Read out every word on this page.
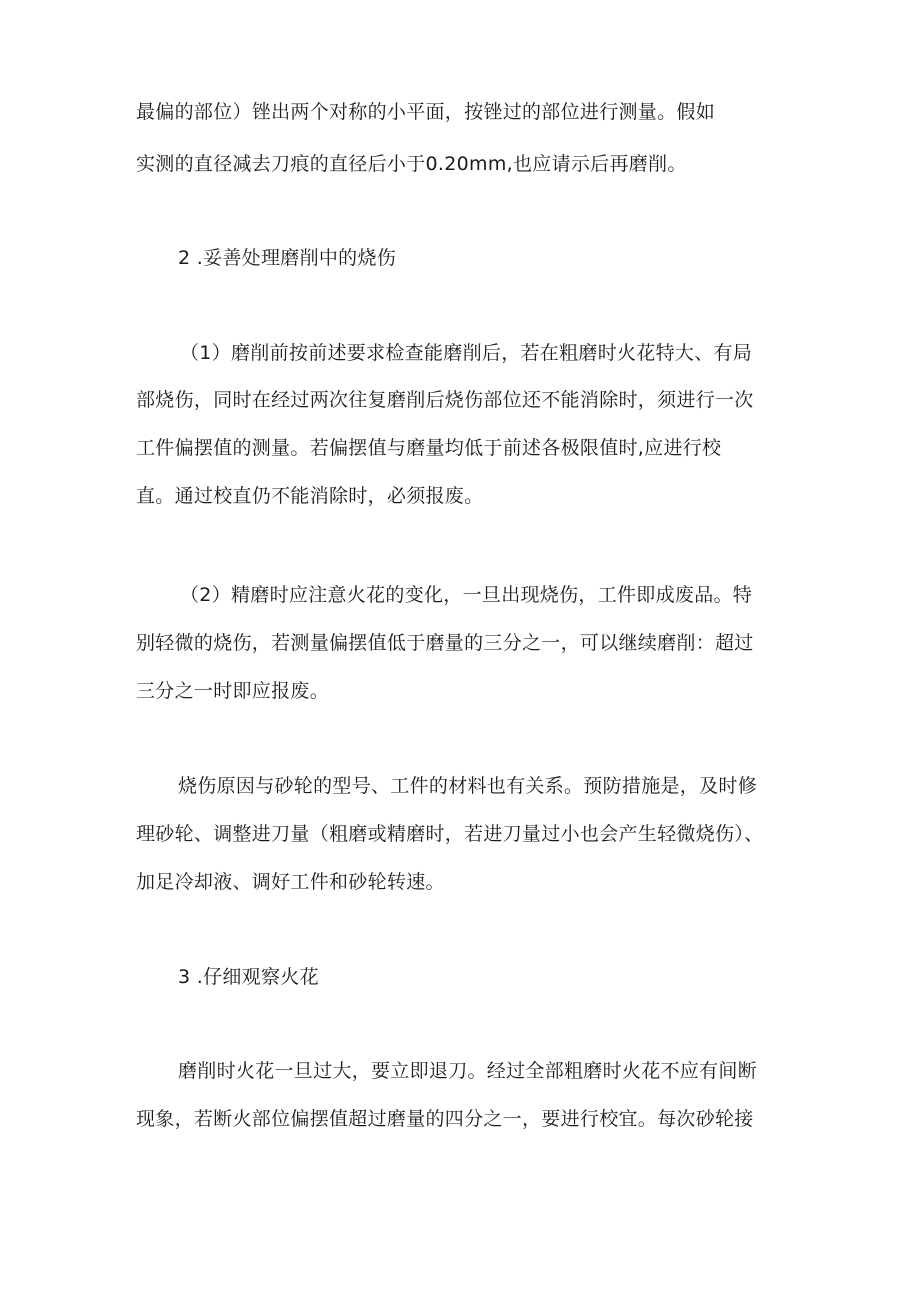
最偏的部位）锉出两个对称的小平面，按锉过的部位进行测量。假如
实测的直径减去刀痕的直径后小于0.20mm,也应请示后再磨削。
2 .妥善处理磨削中的烧伤
（1）磨削前按前述要求检查能磨削后，若在粗磨时火花特大、有局
部烧伤，同时在经过两次往复磨削后烧伤部位还不能消除时，须进行一次
工件偏摆值的测量。若偏摆值与磨量均低于前述各极限值时,应进行校
直。通过校直仍不能消除时，必须报废。
（2）精磨时应注意火花的变化，一旦出现烧伤，工件即成废品。特
别轻微的烧伤，若测量偏摆值低于磨量的三分之一，可以继续磨削：超过
三分之一时即应报废。
烧伤原因与砂轮的型号、工件的材料也有关系。预防措施是，及时修
理砂轮、调整进刀量（粗磨或精磨时，若进刀量过小也会产生轻微烧伤）、
加足冷却液、调好工件和砂轮转速。
3 .仔细观察火花
磨削时火花一旦过大，要立即退刀。经过全部粗磨时火花不应有间断
现象，若断火部位偏摆值超过磨量的四分之一，要进行校宜。每次砂轮接
